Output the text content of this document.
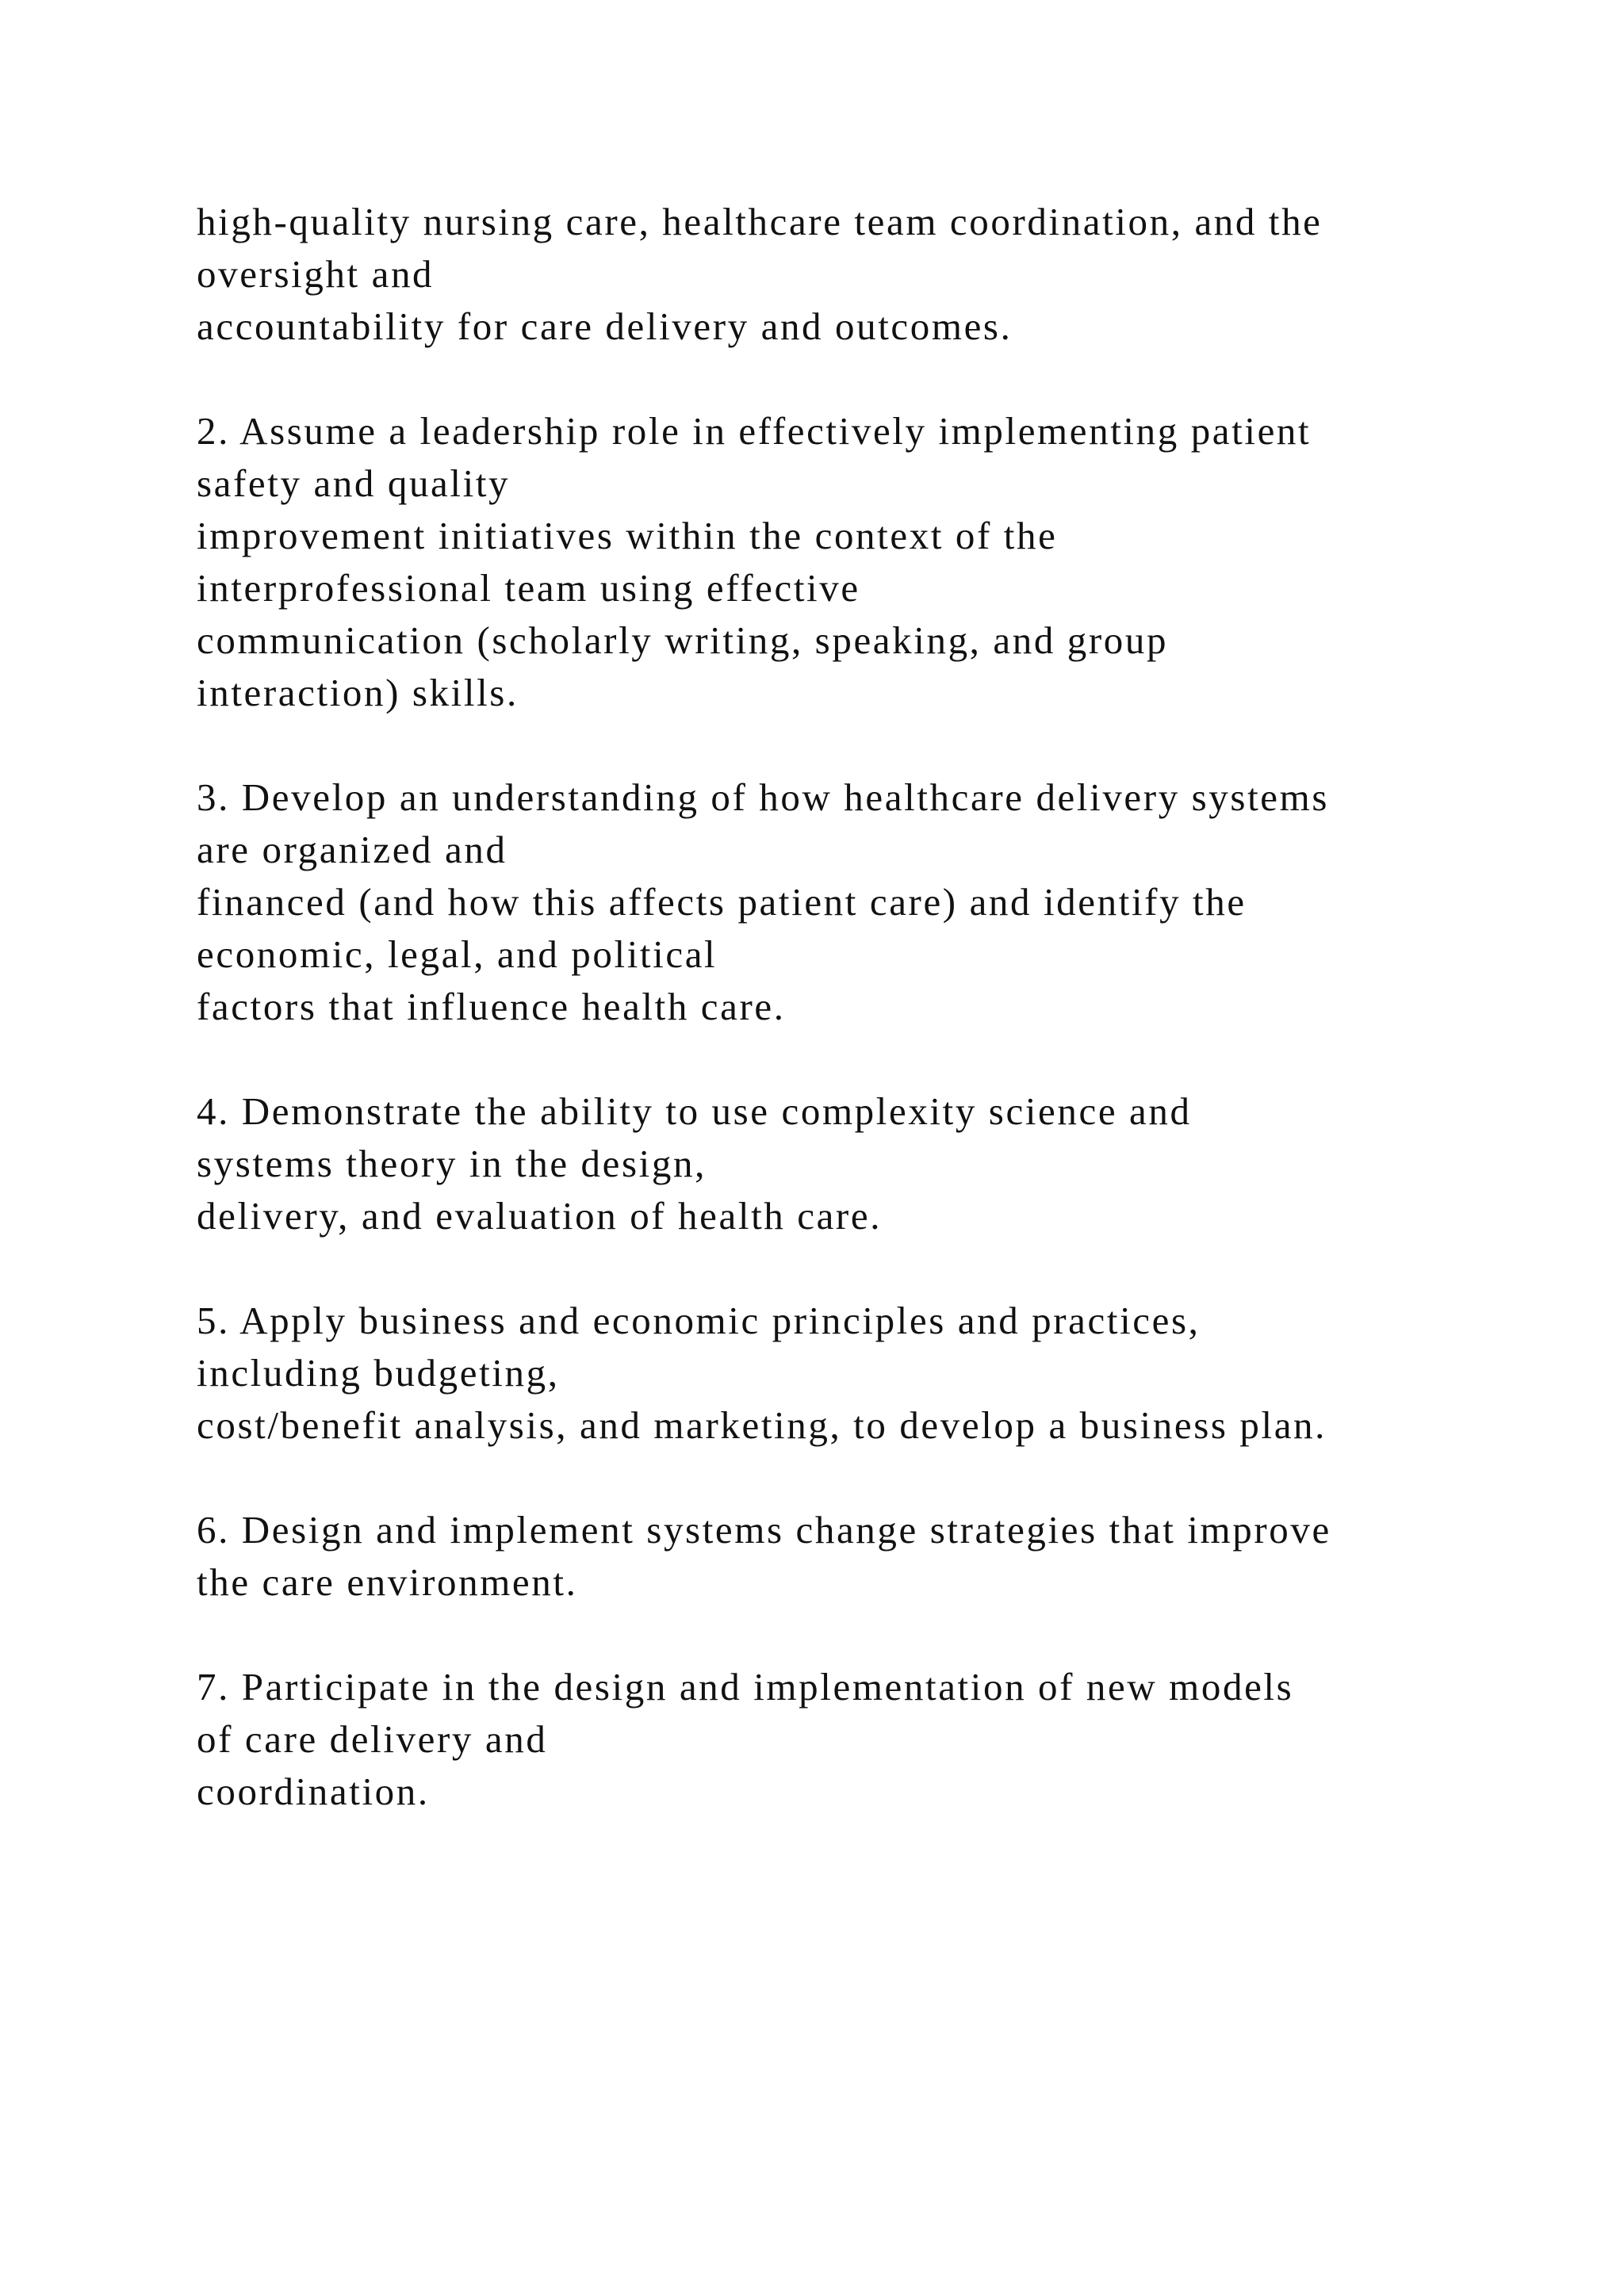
high-quality nursing care, healthcare team coordination, and the
oversight and
accountability for care delivery and outcomes.
2. Assume a leadership role in effectively implementing patient
safety and quality
improvement initiatives within the context of the
interprofessional team using effective
communication (scholarly writing, speaking, and group
interaction) skills.
3. Develop an understanding of how healthcare delivery systems
are organized and
financed (and how this affects patient care) and identify the
economic, legal, and political
factors that influence health care.
4. Demonstrate the ability to use complexity science and
systems theory in the design,
delivery, and evaluation of health care.
5. Apply business and economic principles and practices,
including budgeting,
cost/benefit analysis, and marketing, to develop a business plan.
6. Design and implement systems change strategies that improve
the care environment.
7. Participate in the design and implementation of new models
of care delivery and
coordination.
